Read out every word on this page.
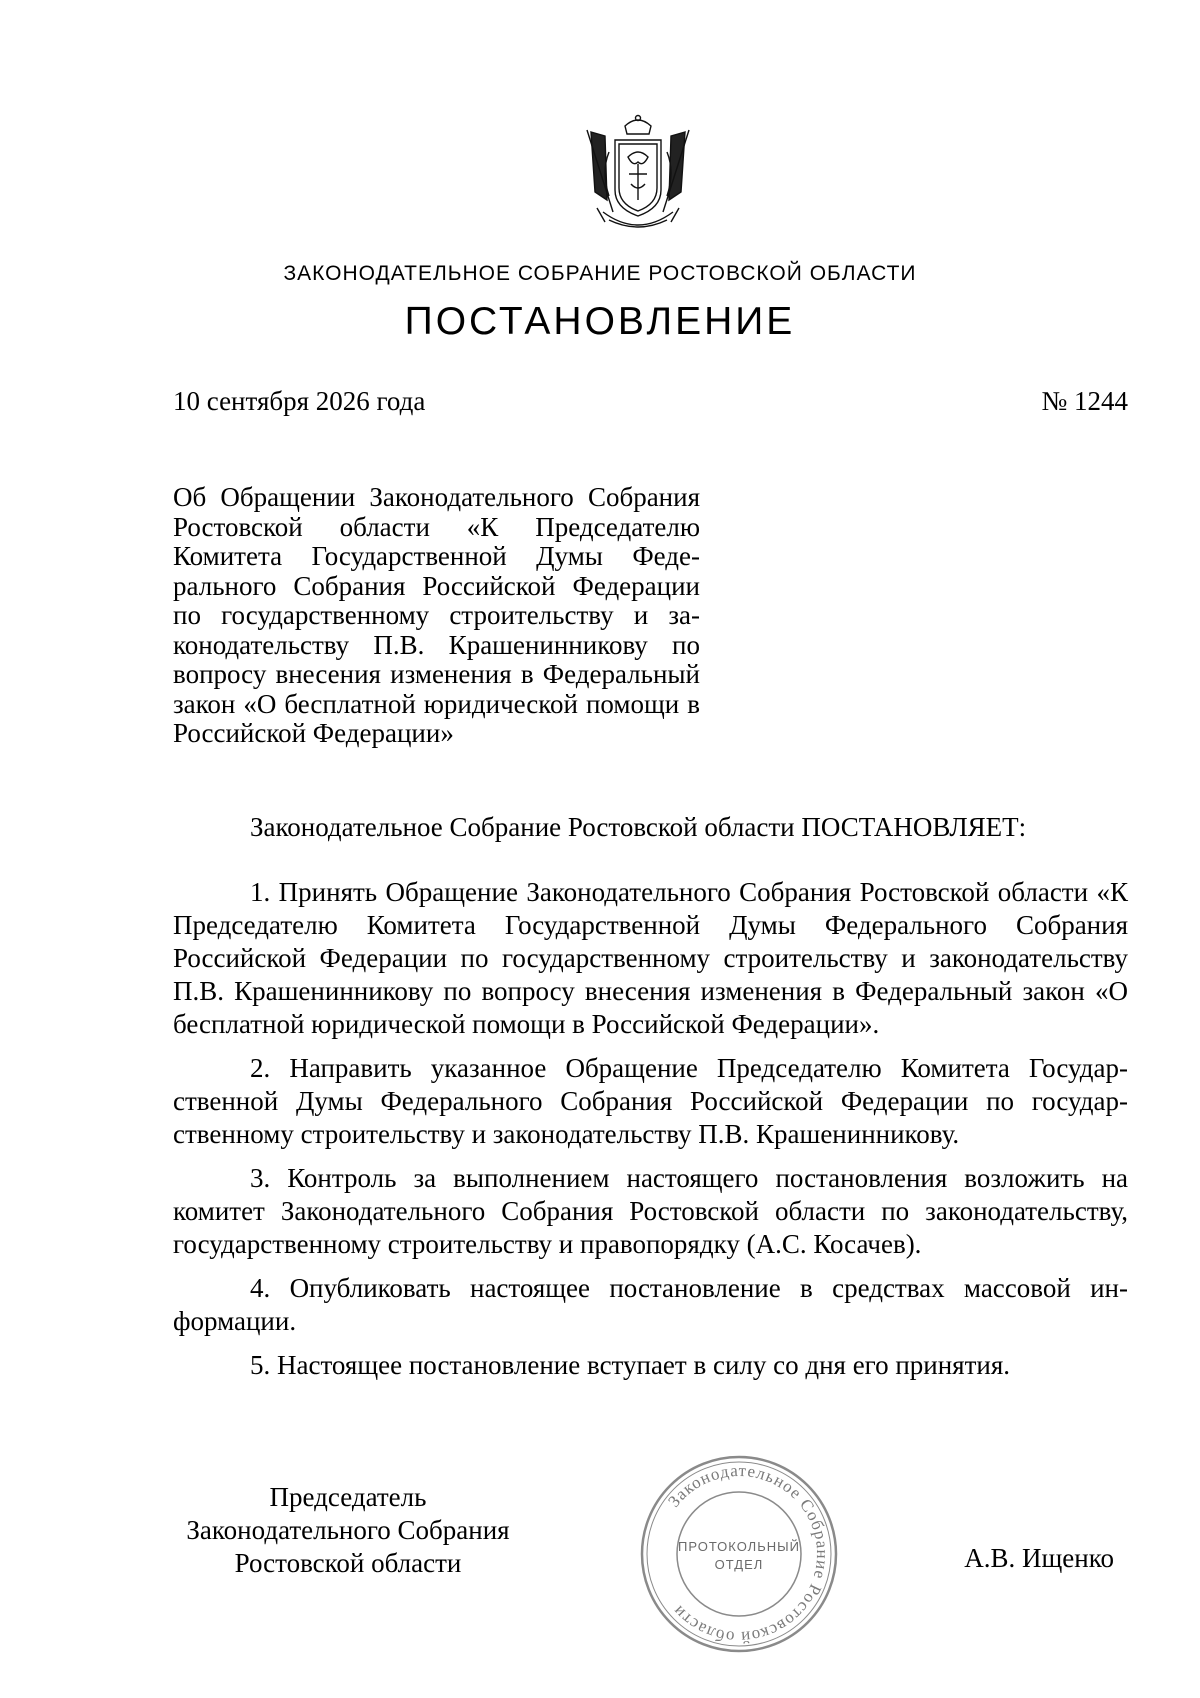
ЗАКОНОДАТЕЛЬНОЕ СОБРАНИЕ РОСТОВСКОЙ ОБЛАСТИ
ПОСТАНОВЛЕНИЕ
10 сентября 2026 года	№ 1244
Об Обращении Законодательного Собрания Ростовской области «К Председателю Комитета Государственной Думы Федерального Собрания Российской Федерации по государственному строительству и законодательству П.В. Крашенинникову по вопросу внесения изменения в Федеральный закон «О бесплатной юридической помощи в Российской Федерации»
Законодательное Собрание Ростовской области ПОСТАНОВЛЯЕТ:

1. Принять Обращение Законодательного Собрания Ростовской области «К Председателю Комитета Государственной Думы Федерального Собрания Российской Федерации по государственному строительству и законодательству П.В. Крашенинникову по вопросу внесения изменения в Федеральный закон «О бесплатной юридической помощи в Российской Федерации».

2. Направить указанное Обращение Председателю Комитета Государственной Думы Федерального Собрания Российской Федерации по государственному строительству и законодательству П.В. Крашенинникову.

3. Контроль за выполнением настоящего постановления возложить на комитет Законодательного Собрания Ростовской области по законодательству, государственному строительству и правопорядку (А.С. Косачев).

4. Опубликовать настоящее постановление в средствах массовой информации.

5. Настоящее постановление вступает в силу со дня его принятия.

Председатель
Законодательного Собрания
Ростовской области
Законодательное Собрание Ростовской области
ПРОТОКОЛЬНЫЙ
ОТДЕЛ	А.В. Ищенко
